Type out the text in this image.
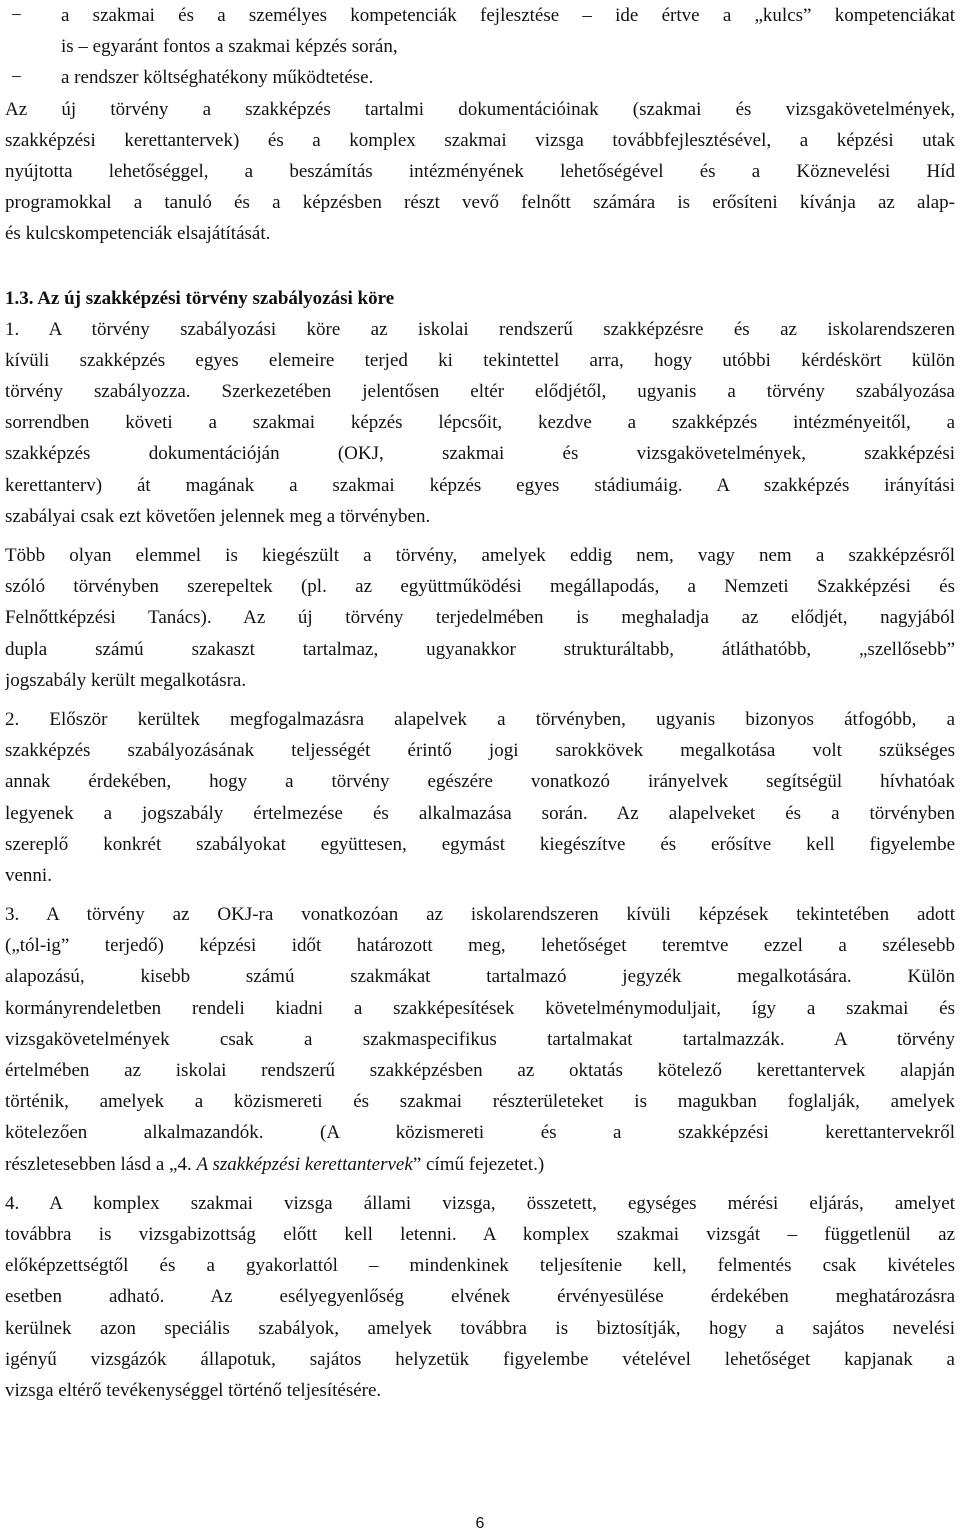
−	a szakmai és a személyes kompetenciák fejlesztése – ide értve a „kulcs” kompetenciákat
is – egyaránt fontos a szakmai képzés során,
−	a rendszer költséghatékony működtetése.
Az új törvény a szakképzés tartalmi dokumentációinak (szakmai és vizsgakövetelmények,
szakképzési kerettantervek) és a komplex szakmai vizsga továbbfejlesztésével, a képzési utak
nyújtotta lehetőséggel, a beszámítás intézményének lehetőségével és a Köznevelési Híd
programokkal a tanuló és a képzésben részt vevő felnőtt számára is erősíteni kívánja az alap-
és kulcskompetenciák elsajátítását.
1.3. Az új szakképzési törvény szabályozási köre
1. A törvény szabályozási köre az iskolai rendszerű szakképzésre és az iskolarendszeren
kívüli szakképzés egyes elemeire terjed ki tekintettel arra, hogy utóbbi kérdéskört külön
törvény szabályozza. Szerkezetében jelentősen eltér elődjétől, ugyanis a törvény szabályozása
sorrendben követi a szakmai képzés lépcsőit, kezdve a szakképzés intézményeitől, a
szakképzés dokumentációján (OKJ, szakmai és vizsgakövetelmények, szakképzési
kerettanterv) át magának a szakmai képzés egyes stádiumáig. A szakképzés irányítási
szabályai csak ezt követően jelennek meg a törvényben.
Több olyan elemmel is kiegészült a törvény, amelyek eddig nem, vagy nem a szakképzésről
szóló törvényben szerepeltek (pl. az együttműködési megállapodás, a Nemzeti Szakképzési és
Felnőttképzési Tanács). Az új törvény terjedelmében is meghaladja az elődjét, nagyjából
dupla számú szakaszt tartalmaz, ugyanakkor strukturáltabb, átláthatóbb, „szellősebb”
jogszabály került megalkotásra.
2. Először kerültek megfogalmazásra alapelvek a törvényben, ugyanis bizonyos átfogóbb, a
szakképzés szabályozásának teljességét érintő jogi sarokkövek megalkotása volt szükséges
annak érdekében, hogy a törvény egészére vonatkozó irányelvek segítségül hívhatóak
legyenek a jogszabály értelmezése és alkalmazása során. Az alapelveket és a törvényben
szereplő konkrét szabályokat együttesen, egymást kiegészítve és erősítve kell figyelembe
venni.
3. A törvény az OKJ-ra vonatkozóan az iskolarendszeren kívüli képzések tekintetében adott
(„tól-ig” terjedő) képzési időt határozott meg, lehetőséget teremtve ezzel a szélesebb
alapozású, kisebb számú szakmákat tartalmazó jegyzék megalkotására. Külön
kormányrendeletben rendeli kiadni a szakképesítések követelménymoduljait, így a szakmai és
vizsgakövetelmények csak a szakmaspecifikus tartalmakat tartalmazzák. A törvény
értelmében az iskolai rendszerű szakképzésben az oktatás kötelező kerettantervek alapján
történik, amelyek a közismereti és szakmai részterületeket is magukban foglalják, amelyek
kötelezően alkalmazandók. (A közismereti és a szakképzési kerettantervekről
részletesebben lásd a „4. A szakképzési kerettantervek” című fejezetet.)
4. A komplex szakmai vizsga állami vizsga, összetett, egységes mérési eljárás, amelyet
továbbra is vizsgabizottság előtt kell letenni. A komplex szakmai vizsgát – függetlenül az
előképzettségtől és a gyakorlattól – mindenkinek teljesítenie kell, felmentés csak kivételes
esetben adható. Az esélyegyenlőség elvének érvényesülése érdekében meghatározásra
kerülnek azon speciális szabályok, amelyek továbbra is biztosítják, hogy a sajátos nevelési
igényű vizsgázók állapotuk, sajátos helyzetük figyelembe vételével lehetőséget kapjanak a
vizsga eltérő tevékenységgel történő teljesítésére.
6
